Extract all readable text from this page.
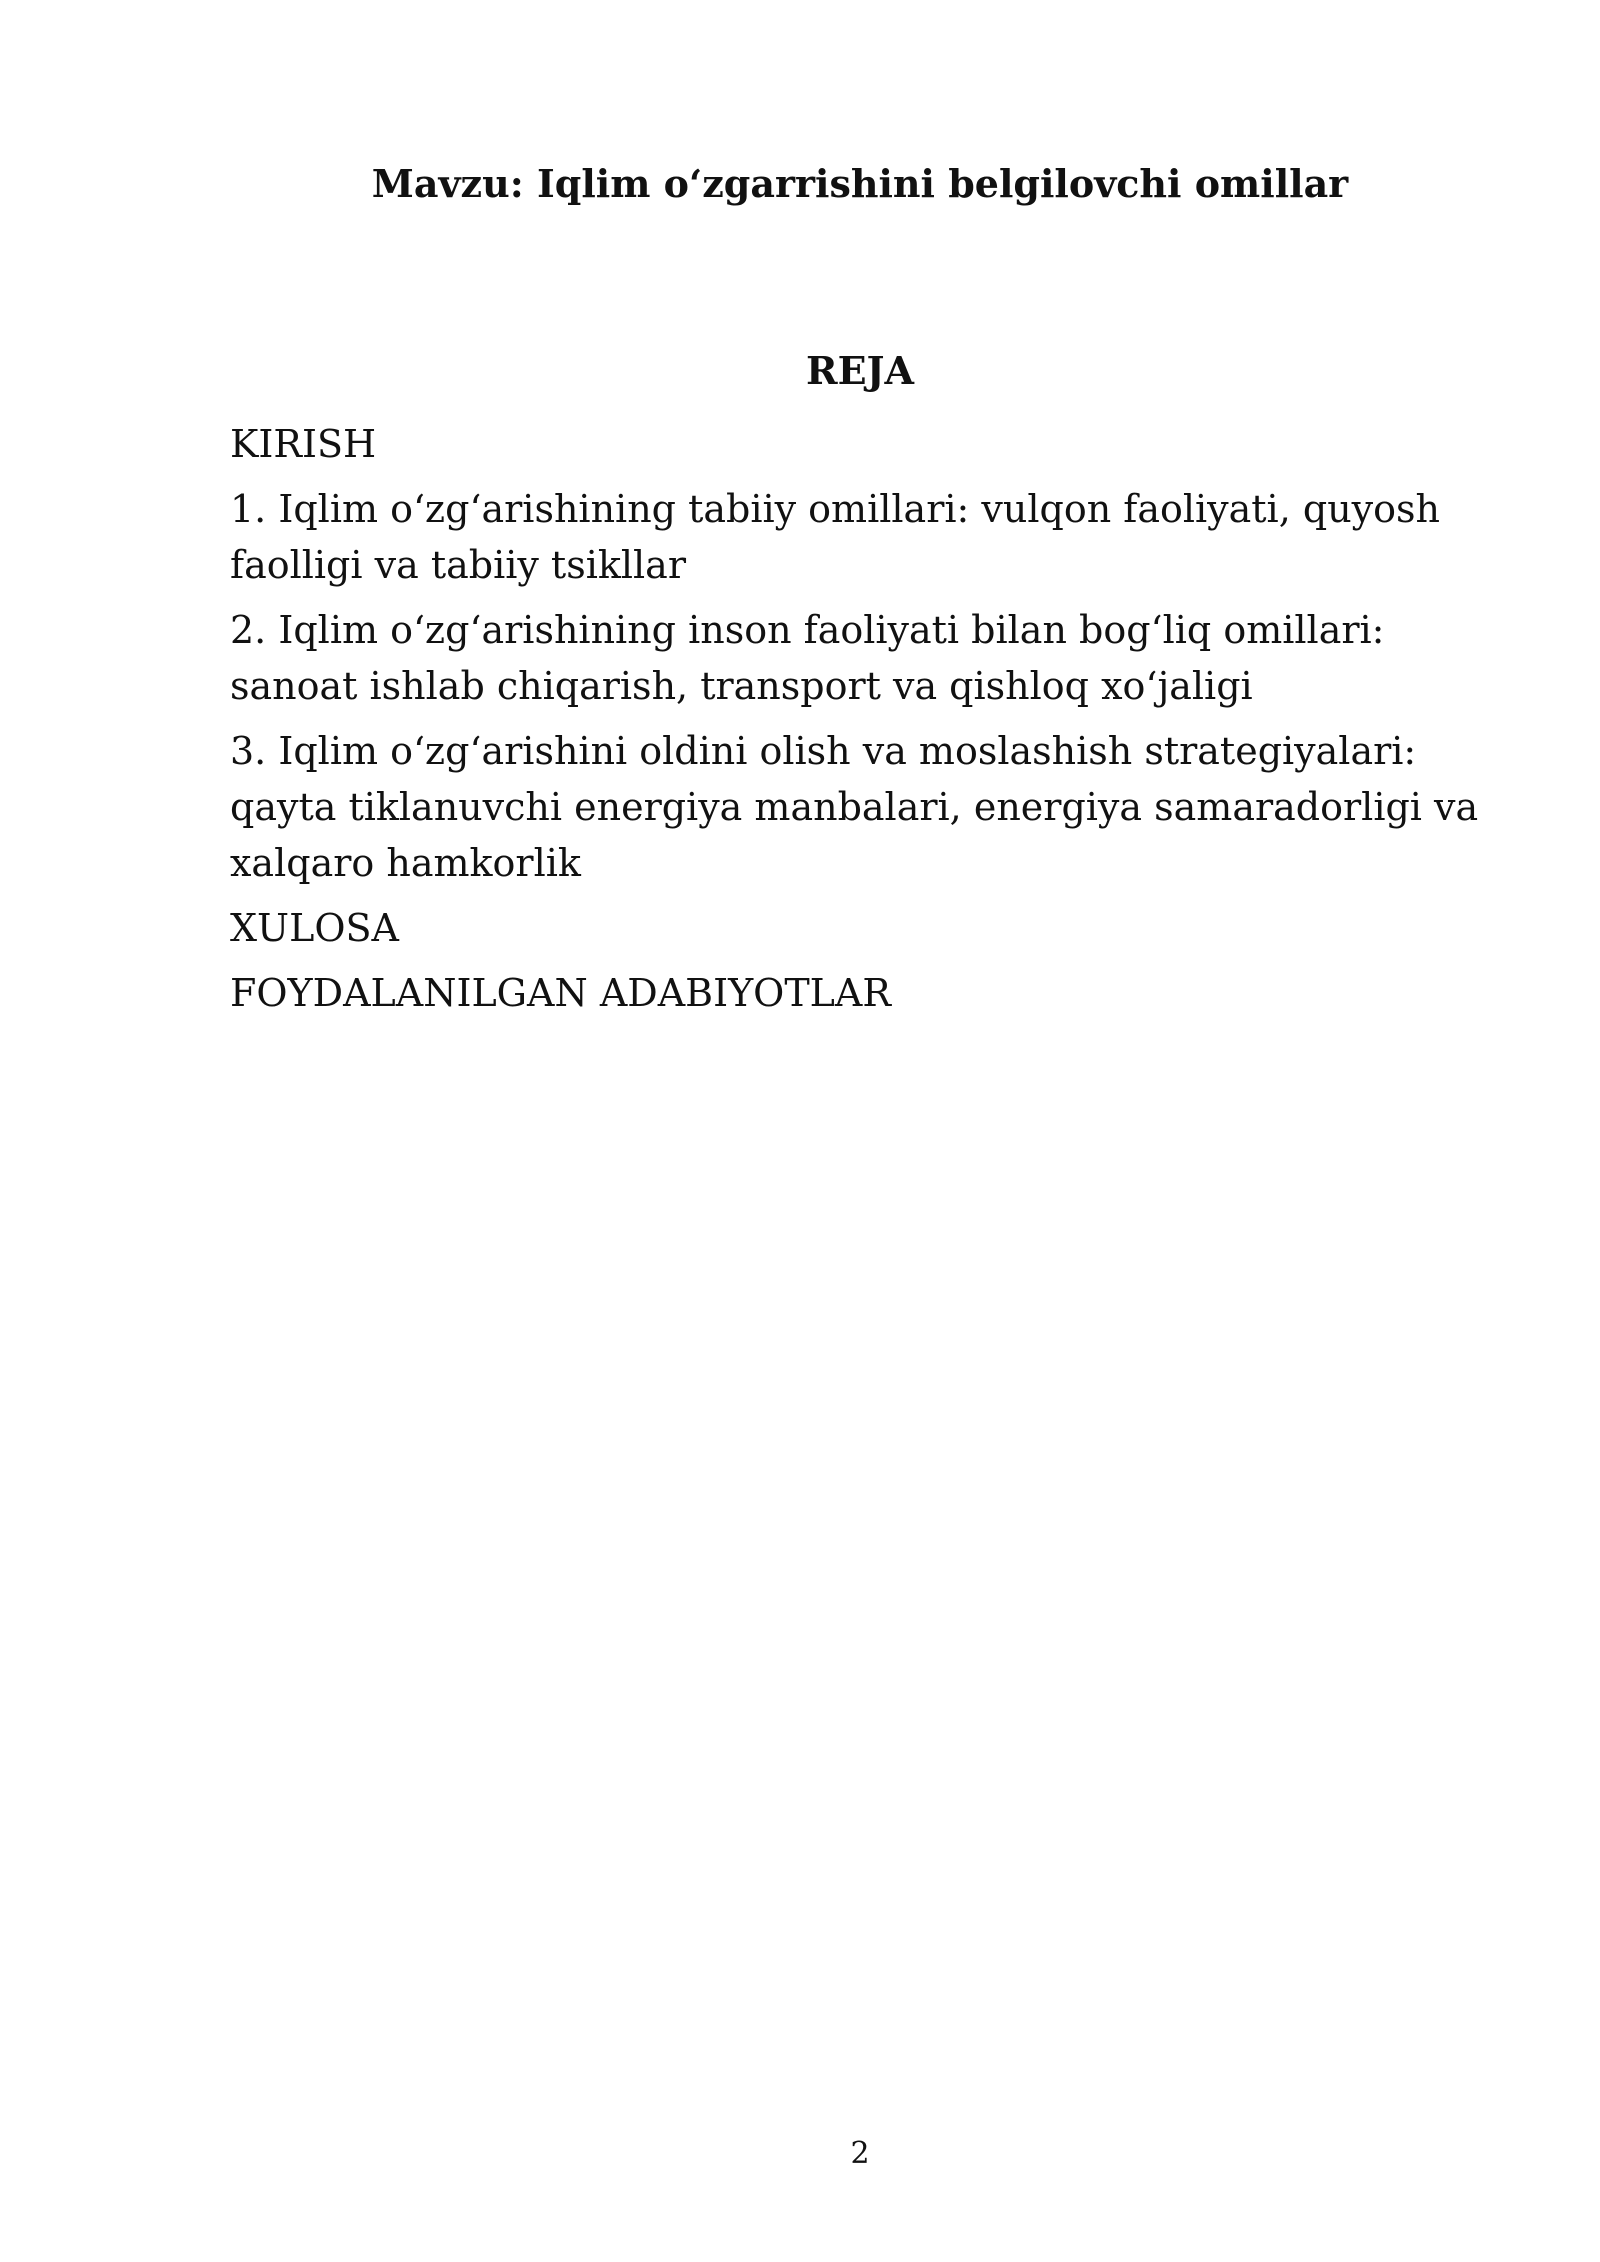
Mavzu: Iqlim o‘zgarrishini belgilovchi omillar
REJA
KIRISH
1. Iqlim o‘zg‘arishining tabiiy omillari: vulqon faoliyati, quyosh faolligi va tabiiy tsikllar
2. Iqlim o‘zg‘arishining inson faoliyati bilan bog‘liq omillari: sanoat ishlab chiqarish, transport va qishloq xo‘jaligi
3. Iqlim o‘zg‘arishini oldini olish va moslashish strategiyalari: qayta tiklanuvchi energiya manbalari, energiya samaradorligi va xalqaro hamkorlik
XULOSA
FOYDALANILGAN ADABIYOTLAR
2
